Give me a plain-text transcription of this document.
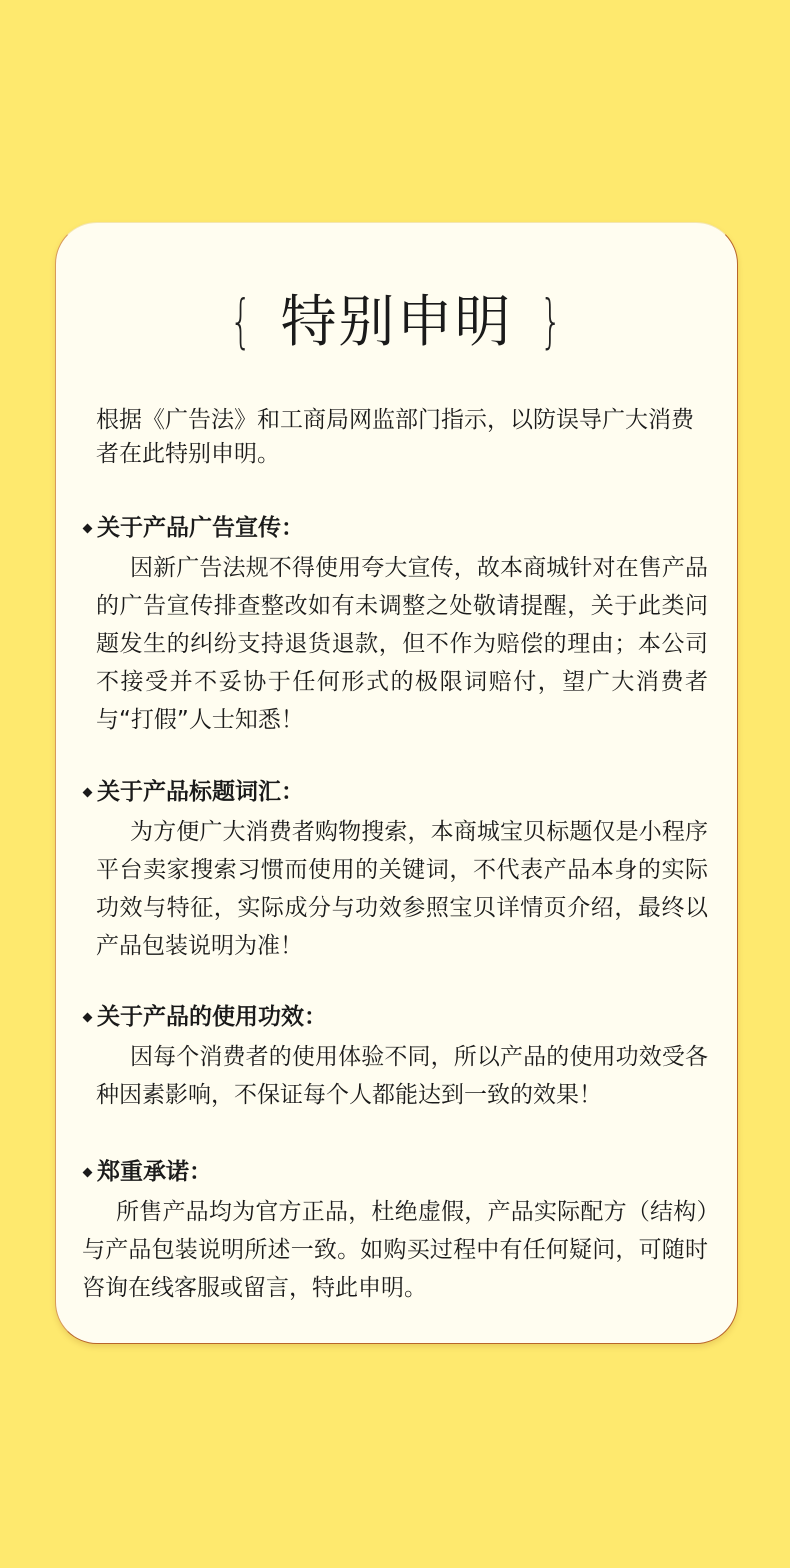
{ 特别申明 }

根据《广告法》和工商局网监部门指示，以防误导广大消费者在此特别申明。

关于产品广告宣传：

因新广告法规不得使用夸大宣传，故本商城针对在售产品的广告宣传排查整改如有未调整之处敬请提醒，关于此类问题发生的纠纷支持退货退款，但不作为赔偿的理由；本公司不接受并不妥协于任何形式的极限词赔付，望广大消费者与“打假”人士知悉！

关于产品标题词汇：

为方便广大消费者购物搜索，本商城宝贝标题仅是小程序平台卖家搜索习惯而使用的关键词，不代表产品本身的实际功效与特征，实际成分与功效参照宝贝详情页介绍，最终以产品包装说明为准！

关于产品的使用功效：

因每个消费者的使用体验不同，所以产品的使用功效受各种因素影响，不保证每个人都能达到一致的效果！

郑重承诺：

所售产品均为官方正品，杜绝虚假，产品实际配方（结构）与产品包装说明所述一致。如购买过程中有任何疑问，可随时咨询在线客服或留言，特此申明。
